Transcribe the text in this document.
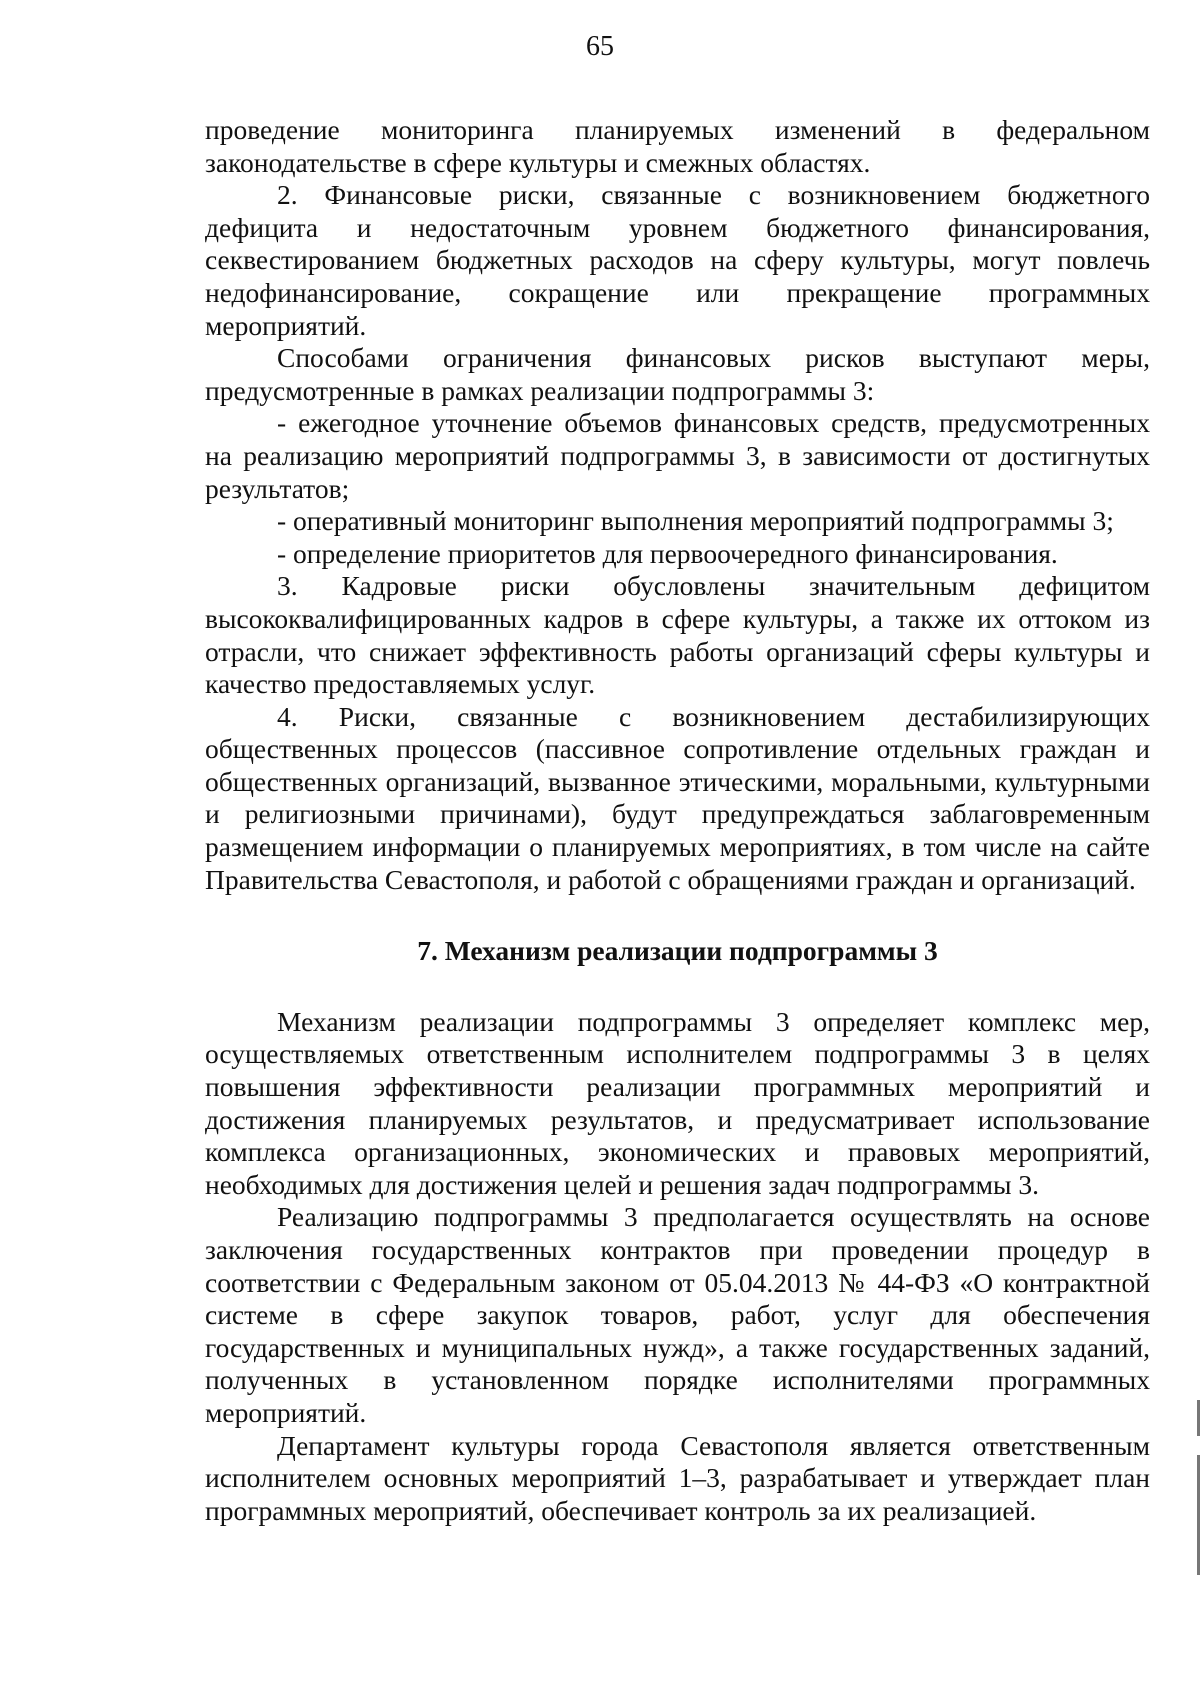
65

проведение мониторинга планируемых изменений в федеральном законодательстве в сфере культуры и смежных областях.

2. Финансовые риски, связанные с возникновением бюджетного дефицита и недостаточным уровнем бюджетного финансирования, секвестированием бюджетных расходов на сферу культуры, могут повлечь недофинансирование, сокращение или прекращение программных мероприятий.

Способами ограничения финансовых рисков выступают меры, предусмотренные в рамках реализации подпрограммы 3:

- ежегодное уточнение объемов финансовых средств, предусмотренных на реализацию мероприятий подпрограммы 3, в зависимости от достигнутых результатов;

- оперативный мониторинг выполнения мероприятий подпрограммы 3;

- определение приоритетов для первоочередного финансирования.

3. Кадровые риски обусловлены значительным дефицитом высококвалифицированных кадров в сфере культуры, а также их оттоком из отрасли, что снижает эффективность работы организаций сферы культуры и качество предоставляемых услуг.

4. Риски, связанные с возникновением дестабилизирующих общественных процессов (пассивное сопротивление отдельных граждан и общественных организаций, вызванное этическими, моральными, культурными и религиозными причинами), будут предупреждаться заблаговременным размещением информации о планируемых мероприятиях, в том числе на сайте Правительства Севастополя, и работой с обращениями граждан и организаций.

7. Механизм реализации подпрограммы 3

Механизм реализации подпрограммы 3 определяет комплекс мер, осуществляемых ответственным исполнителем подпрограммы 3 в целях повышения эффективности реализации программных мероприятий и достижения планируемых результатов, и предусматривает использование комплекса организационных, экономических и правовых мероприятий, необходимых для достижения целей и решения задач подпрограммы 3.

Реализацию подпрограммы 3 предполагается осуществлять на основе заключения государственных контрактов при проведении процедур в соответствии с Федеральным законом от 05.04.2013 № 44-ФЗ «О контрактной системе в сфере закупок товаров, работ, услуг для обеспечения государственных и муниципальных нужд», а также государственных заданий, полученных в установленном порядке исполнителями программных мероприятий.

Департамент культуры города Севастополя является ответственным исполнителем основных мероприятий 1–3, разрабатывает и утверждает план программных мероприятий, обеспечивает контроль за их реализацией.
